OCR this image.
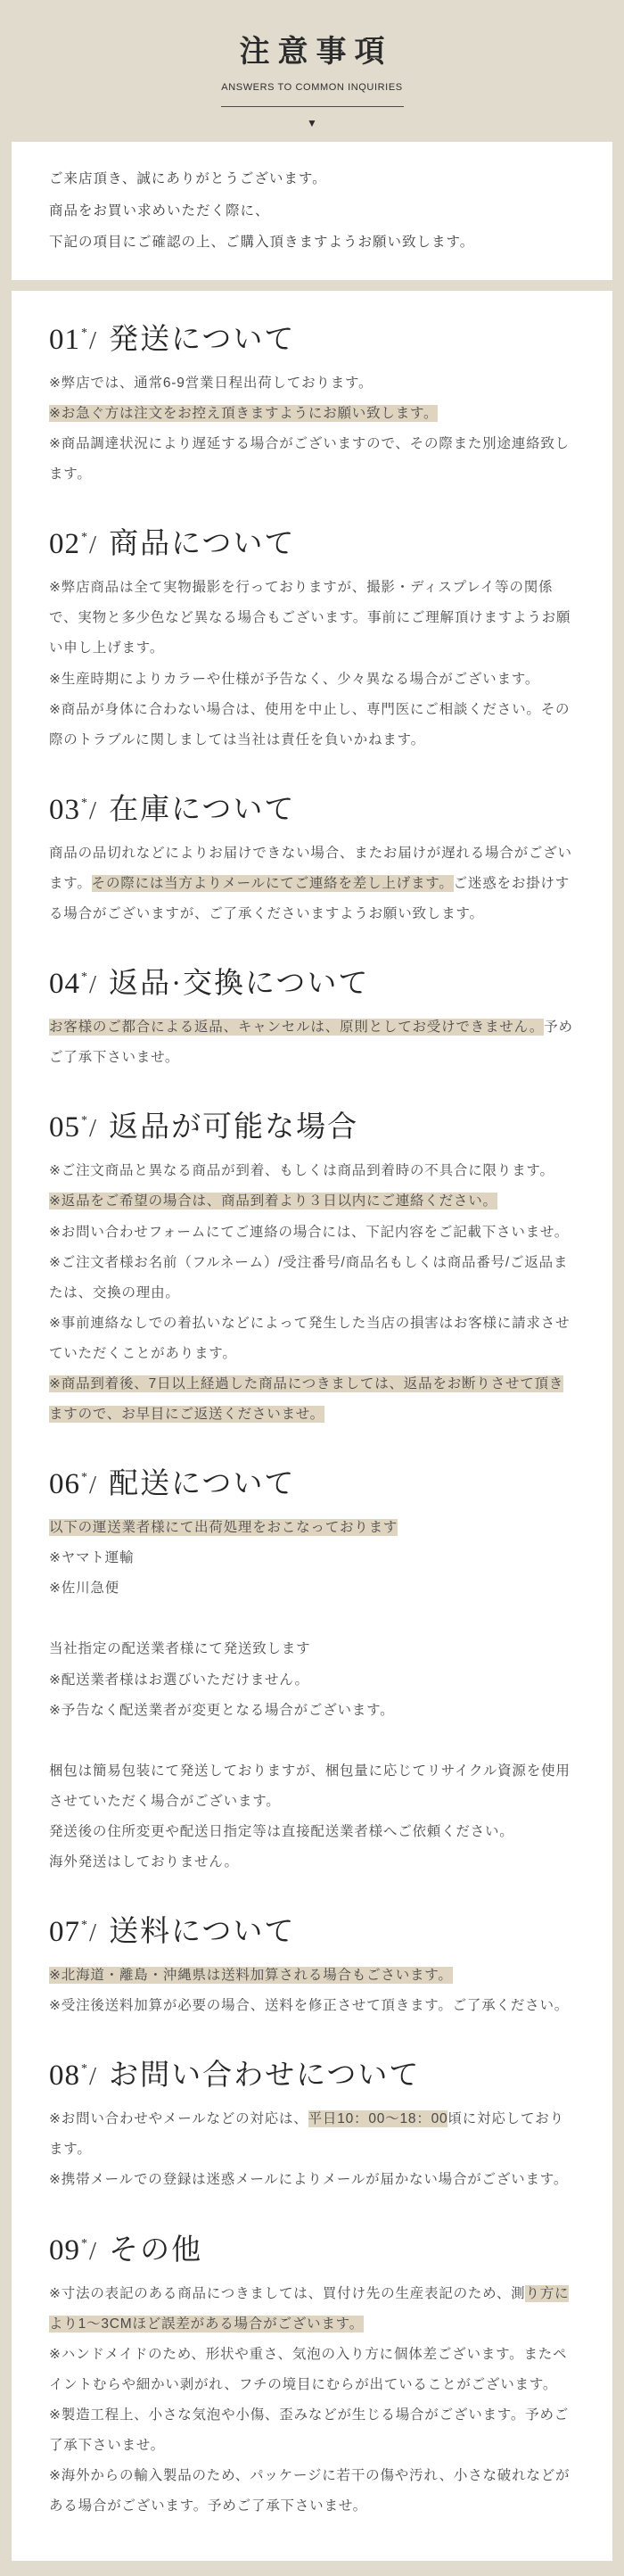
注意事項
ANSWERS TO COMMON INQUIRIES
▼

ご来店頂き、誠にありがとうございます。

商品をお買い求めいただく際に、

下記の項目にご確認の上、ご購入頂きますようお願い致します。

01*/ 発送について

※弊店では、通常6-9営業日程出荷しております。

※お急ぐ方は注文をお控え頂きますようにお願い致します。

※商品調達状況により遅延する場合がございますので、その際また別途連絡致します。

02*/ 商品について

※弊店商品は全て実物撮影を行っておりますが、撮影・ディスプレイ等の関係で、実物と多少色など異なる場合もございます。事前にご理解頂けますようお願い申し上げます。

※生産時期によりカラーや仕様が予告なく、少々異なる場合がございます。

※商品が身体に合わない場合は、使用を中止し、専門医にご相談ください。その際のトラブルに関しましては当社は責任を負いかねます。

03*/ 在庫について

商品の品切れなどによりお届けできない場合、またお届けが遅れる場合がございます。その際には当方よりメールにてご連絡を差し上げます。ご迷惑をお掛けする場合がございますが、ご了承くださいますようお願い致します。

04*/ 返品·交換について

お客様のご都合による返品、キャンセルは、原則としてお受けできません。予めご了承下さいませ。

05*/ 返品が可能な場合

※ご注文商品と異なる商品が到着、もしくは商品到着時の不具合に限ります。

※返品をご希望の場合は、商品到着より３日以内にご連絡ください。

※お問い合わせフォームにてご連絡の場合には、下記内容をご記載下さいませ。

※ご注文者様お名前（フルネーム）/受注番号/商品名もしくは商品番号/ご返品または、交換の理由。

※事前連絡なしでの着払いなどによって発生した当店の損害はお客様に請求させていただくことがあります。

※商品到着後、7日以上経過した商品につきましては、返品をお断りさせて頂きますので、お早目にご返送くださいませ。

06*/ 配送について

以下の運送業者様にて出荷処理をおこなっております

※ヤマト運輸

※佐川急便

当社指定の配送業者様にて発送致します

※配送業者様はお選びいただけません。

※予告なく配送業者が変更となる場合がございます。

梱包は簡易包装にて発送しておりますが、梱包量に応じてリサイクル資源を使用させていただく場合がございます。

発送後の住所変更や配送日指定等は直接配送業者様へご依頼ください。

海外発送はしておりません。

07*/ 送料について

※北海道・離島・沖縄県は送料加算される場合もごさいます。

※受注後送料加算が必要の場合、送料を修正させて頂きます。ご了承ください。

08*/ お問い合わせについて

※お問い合わせやメールなどの対応は、平日10：00～18：00頃に対応しております。

※携帯メールでの登録は迷惑メールによりメールが届かない場合がございます。

09*/ その他

※寸法の表記のある商品につきましては、買付け先の生産表記のため、測り方により1～3CMほど誤差がある場合がございます。

※ハンドメイドのため、形状や重さ、気泡の入り方に個体差ございます。またペイントむらや細かい剥がれ、フチの境目にむらが出ていることがございます。

※製造工程上、小さな気泡や小傷、歪みなどが生じる場合がございます。予めご了承下さいませ。

※海外からの輸入製品のため、パッケージに若干の傷や汚れ、小さな破れなどがある場合がございます。予めご了承下さいませ。
